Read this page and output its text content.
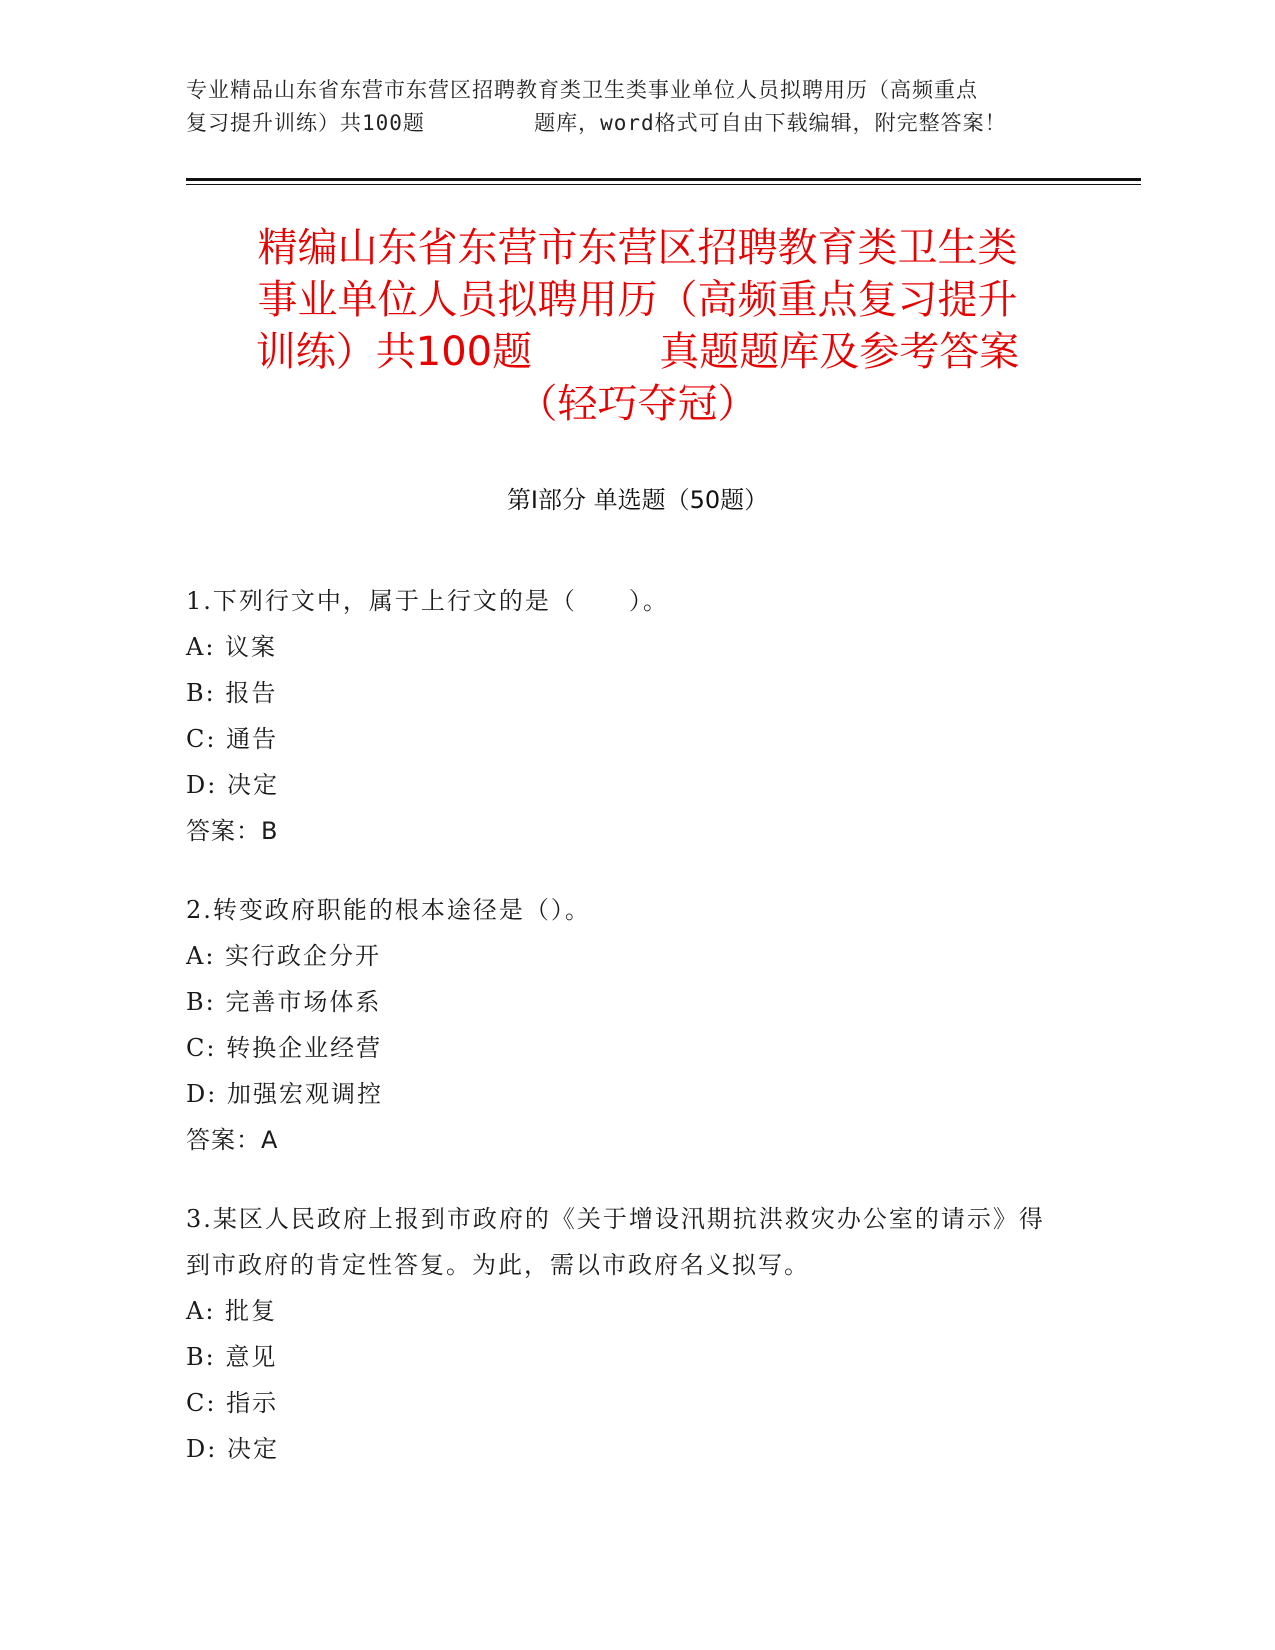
专业精品山东省东营市东营区招聘教育类卫生类事业单位人员拟聘用历（高频重点
复习提升训练）共100题        题库，word格式可自由下载编辑，附完整答案！
精编山东省东营市东营区招聘教育类卫生类
事业单位人员拟聘用历（高频重点复习提升
训练）共100题          真题题库及参考答案
（轻巧夺冠）
第Ⅰ部分 单选题（50题）
1.下列行文中，属于上行文的是（　　）。
A: 议案
B: 报告
C: 通告
D: 决定
答案：B
2.转变政府职能的根本途径是（）。
A: 实行政企分开
B: 完善市场体系
C: 转换企业经营
D: 加强宏观调控
答案：A
3.某区人民政府上报到市政府的《关于增设汛期抗洪救灾办公室的请示》得到市政府的肯定性答复。为此，需以市政府名义拟写。
A: 批复
B: 意见
C: 指示
D: 决定
